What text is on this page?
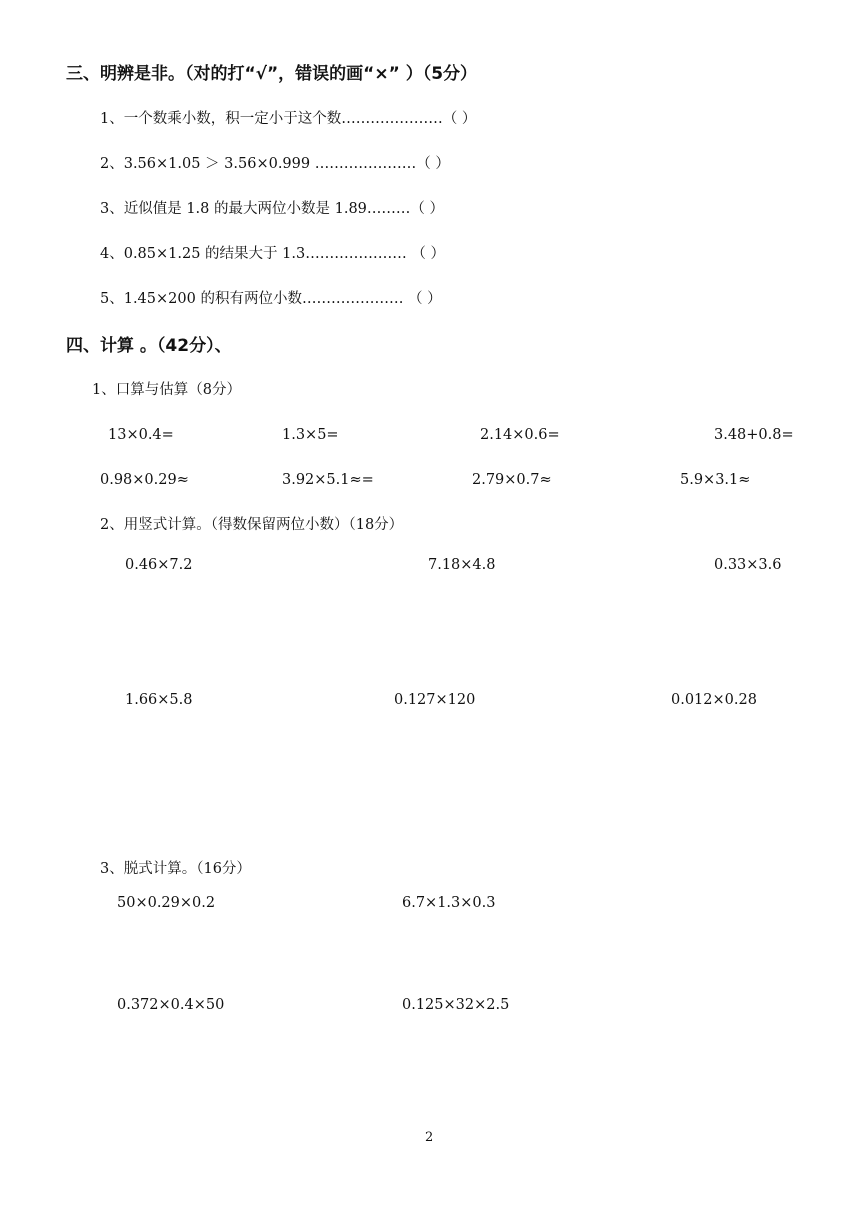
三、明辨是非。（对的打“√”，错误的画“×” ）（5分）
1、一个数乘小数，积一定小于这个数…………………（ ）
2、3.56×1.05 ＞ 3.56×0.999 …………………（ ）
3、近似值是 1.8 的最大两位小数是 1.89………（ ）
4、0.85×1.25 的结果大于 1.3………………… （ ）
5、1.45×200 的积有两位小数………………… （ ）
四、计算 。（42分）、
1、口算与估算（8分）
13×0.4=	1.3×5=	2.14×0.6=	3.48+0.8=
0.98×0.29≈	3.92×5.1≈=	2.79×0.7≈	5.9×3.1≈
2、用竖式计算。（得数保留两位小数）（18分）
0.46×7.2	7.18×4.8	0.33×3.6
1.66×5.8	0.127×120	0.012×0.28
3、脱式计算。（16分）
50×0.29×0.2	6.7×1.3×0.3
0.372×0.4×50	0.125×32×2.5
2
